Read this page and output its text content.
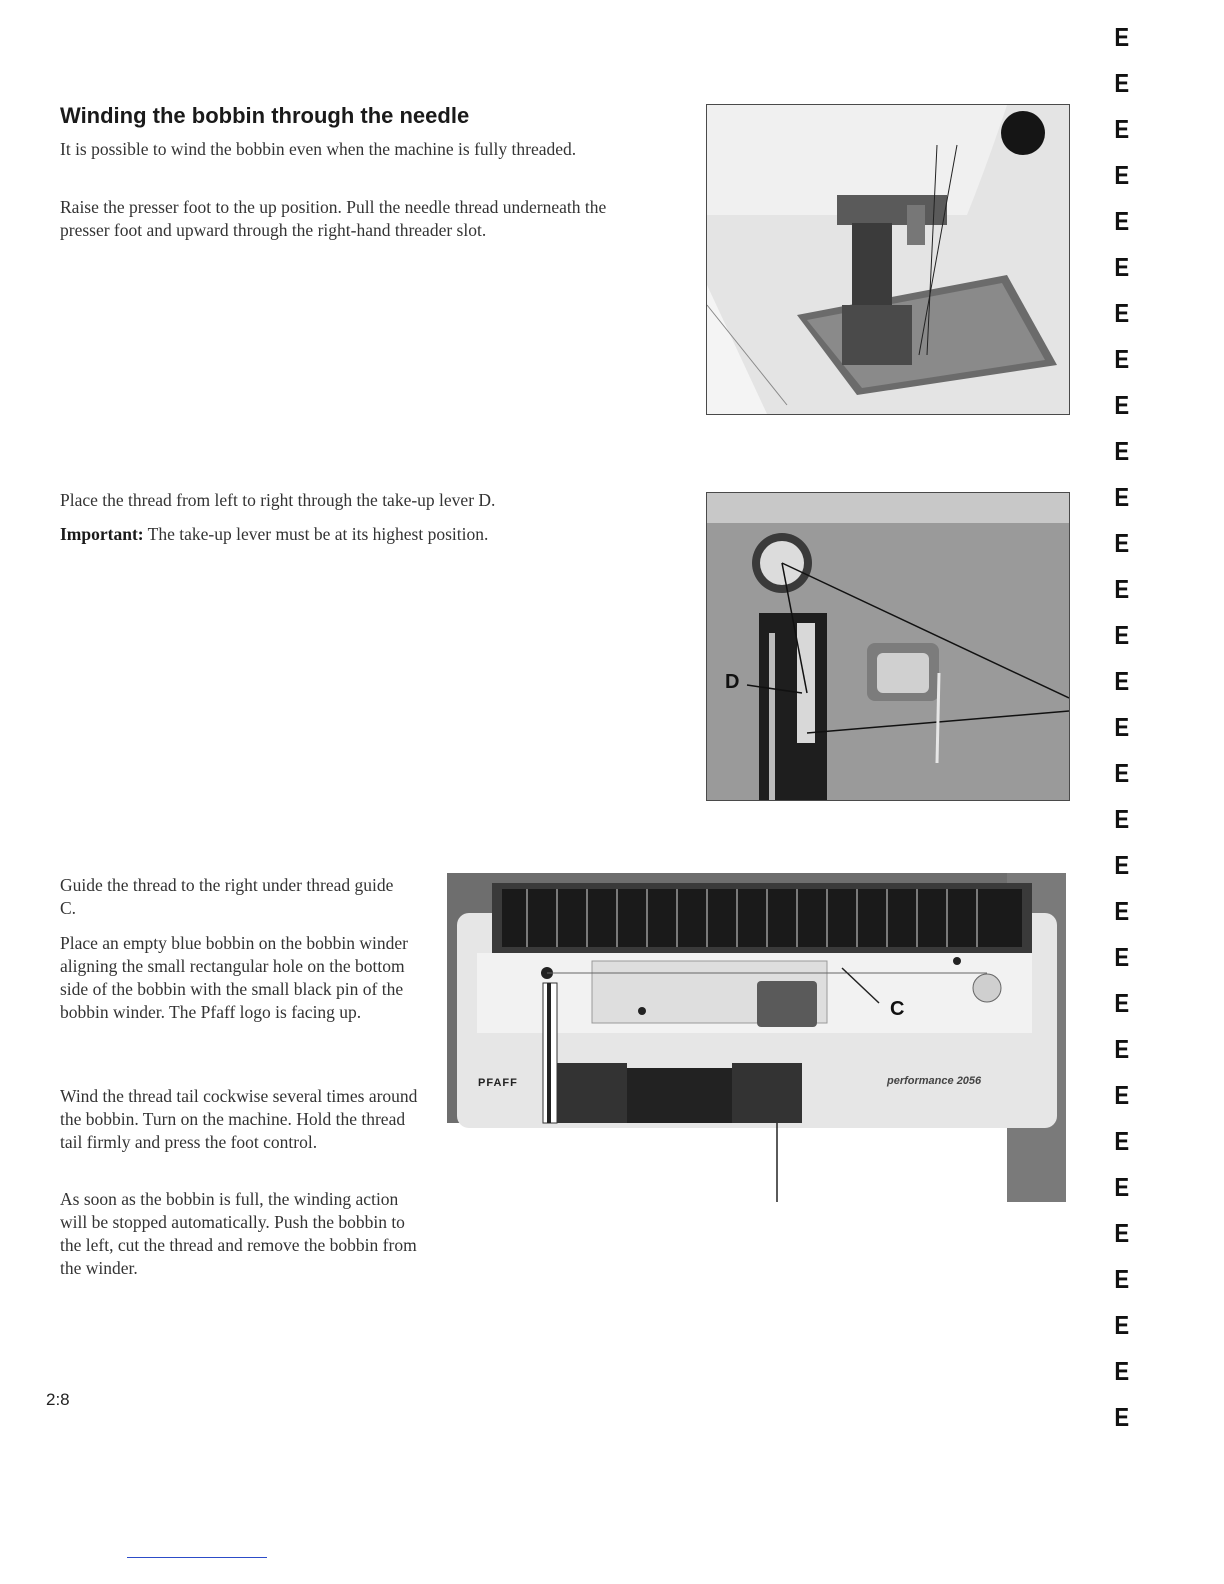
Winding the bobbin through the needle

It is possible to wind the bobbin even when the machine is fully threaded.

Raise the presser foot to the up position. Pull the needle thread underneath the presser foot and upward through the right-hand threader slot.

Place the thread from left to right through the take-up lever D.

Important: The take-up lever must be at its highest position.

D

Guide the thread to the right under thread guide C.

Place an empty blue bobbin on the bobbin winder aligning the small rectangular hole on the bottom side of the bobbin with the small black pin of the bobbin winder. The Pfaff logo is facing up.

Wind the thread tail cockwise several times around the bobbin. Turn on the machine. Hold the thread tail firmly and press the foot control.

As soon as the bobbin is full, the winding action will be stopped automatically. Push the bobbin to the left, cut the thread and remove the bobbin from the winder.

C
PFAFF	performance 2056
2:8
E
E
E
E
E
E
E
E
E
E
E
E
E
E
E
E
E
E
E
E
E
E
E
E
E
E
E
E
E
E
E
